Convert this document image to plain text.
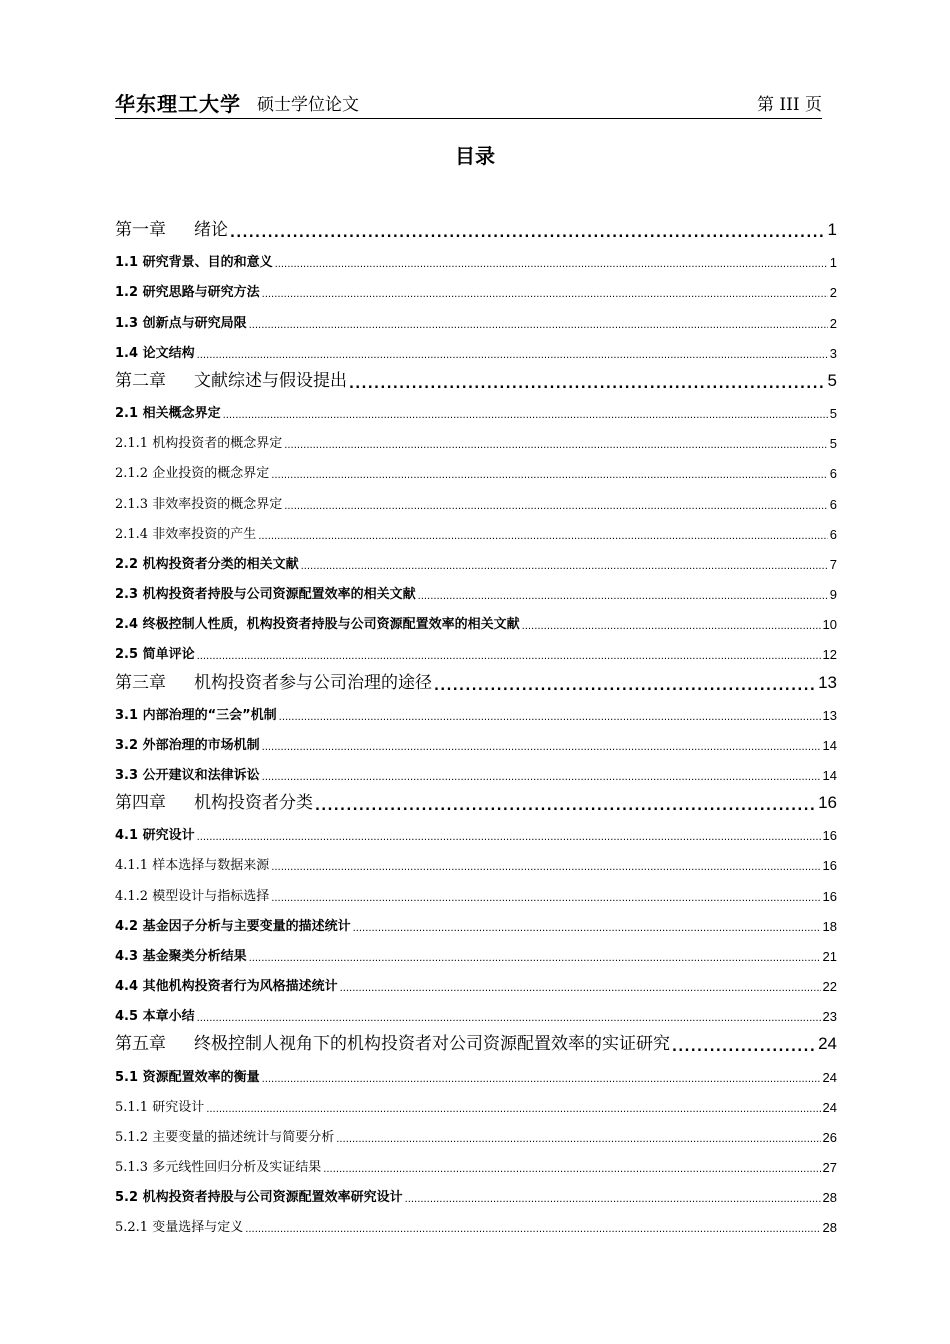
华东理工大学 硕士学位论文	第 III 页
目录
第一章 绪论 . . .	1
1.1 研究背景、目的和意义 . . .	1
1.2 研究思路与研究方法 . . .	2
1.3 创新点与研究局限 . . .	2
1.4 论文结构 . . .	3
第二章 文献综述与假设提出 . . .	5
2.1 相关概念界定 . . .	5
2.1.1 机构投资者的概念界定 . . .	5
2.1.2 企业投资的概念界定 . . .	6
2.1.3 非效率投资的概念界定 . . .	6
2.1.4 非效率投资的产生 . . .	6
2.2 机构投资者分类的相关文献 . . .	7
2.3 机构投资者持股与公司资源配置效率的相关文献 . . .	9
2.4 终极控制人性质，机构投资者持股与公司资源配置效率的相关文献 . . .	10
2.5 简单评论 . . .	12
第三章 机构投资者参与公司治理的途径 . . .	13
3.1 内部治理的“三会”机制 . . .	13
3.2 外部治理的市场机制 . . .	14
3.3 公开建议和法律诉讼 . . .	14
第四章 机构投资者分类 . . .	16
4.1 研究设计 . . .	16
4.1.1 样本选择与数据来源 . . .	16
4.1.2 模型设计与指标选择 . . .	16
4.2 基金因子分析与主要变量的描述统计 . . .	18
4.3 基金聚类分析结果 . . .	21
4.4 其他机构投资者行为风格描述统计 . . .	22
4.5 本章小结 . . .	23
第五章 终极控制人视角下的机构投资者对公司资源配置效率的实证研究 . . .	24
5.1 资源配置效率的衡量 . . .	24
5.1.1 研究设计 . . .	24
5.1.2 主要变量的描述统计与简要分析 . . .	26
5.1.3 多元线性回归分析及实证结果 . . .	27
5.2 机构投资者持股与公司资源配置效率研究设计 . . .	28
5.2.1 变量选择与定义 . . .	28
